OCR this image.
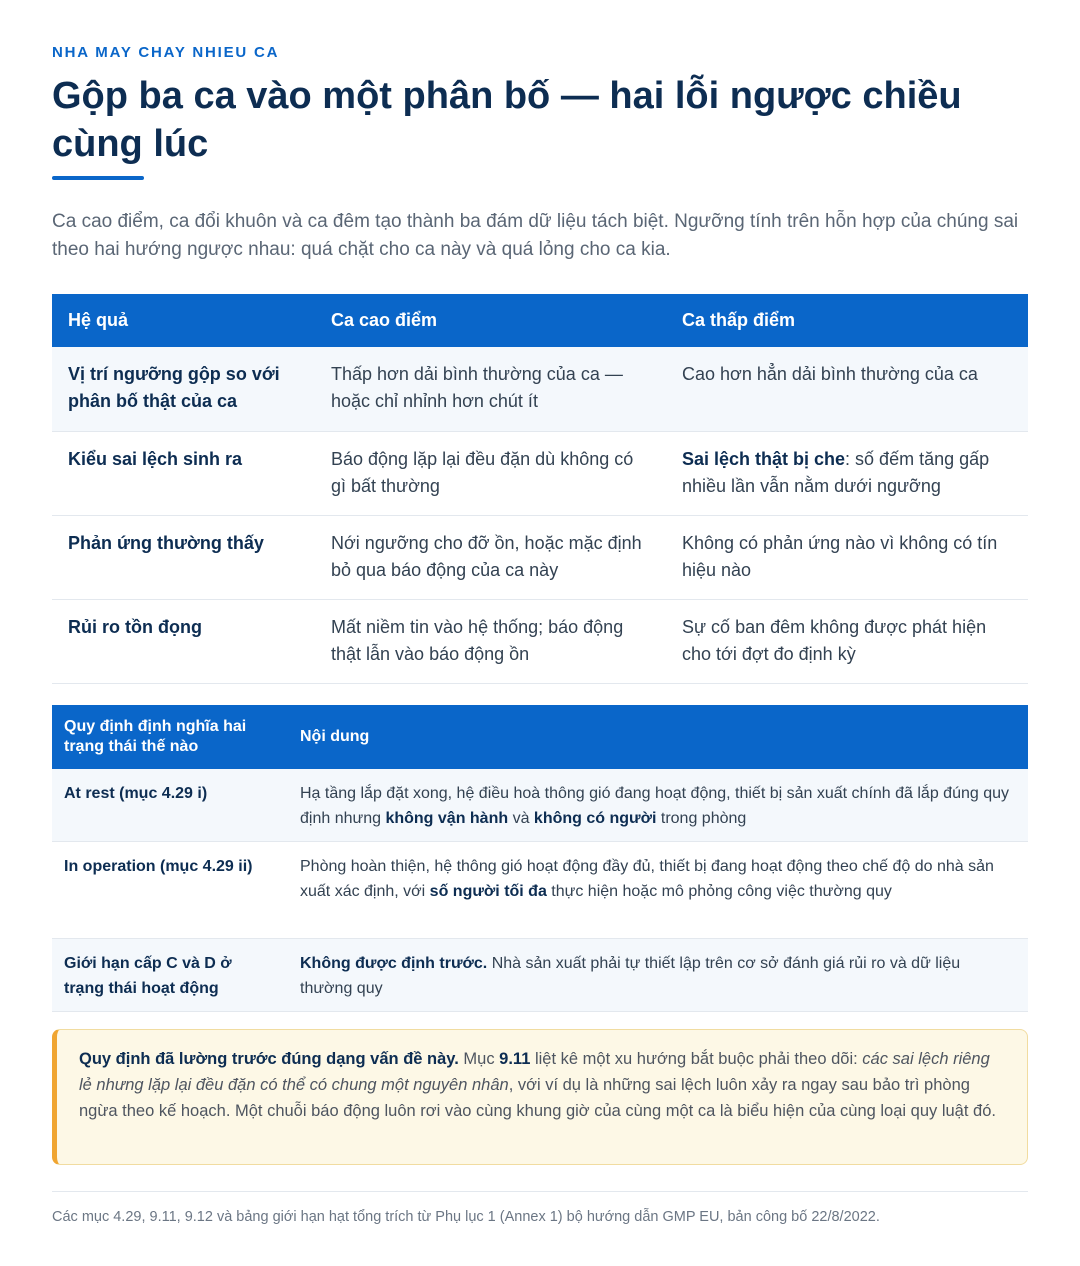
NHA MAY CHAY NHIEU CA
Gộp ba ca vào một phân bố — hai lỗi ngược chiều cùng lúc

Ca cao điểm, ca đổi khuôn và ca đêm tạo thành ba đám dữ liệu tách biệt. Ngưỡng tính trên hỗn hợp của chúng sai theo hai hướng ngược nhau: quá chặt cho ca này và quá lỏng cho ca kia.

Hệ quả	Ca cao điểm	Ca thấp điểm
Vị trí ngưỡng gộp so với phân bố thật của ca	Thấp hơn dải bình thường của ca — hoặc chỉ nhỉnh hơn chút ít	Cao hơn hẳn dải bình thường của ca
Kiểu sai lệch sinh ra	Báo động lặp lại đều đặn dù không có gì bất thường	Sai lệch thật bị che: số đếm tăng gấp nhiều lần vẫn nằm dưới ngưỡng
Phản ứng thường thấy	Nới ngưỡng cho đỡ ồn, hoặc mặc định bỏ qua báo động của ca này	Không có phản ứng nào vì không có tín hiệu nào
Rủi ro tồn đọng	Mất niềm tin vào hệ thống; báo động thật lẫn vào báo động ồn	Sự cố ban đêm không được phát hiện cho tới đợt đo định kỳ
Quy định định nghĩa hai trạng thái thế nào	Nội dung
At rest (mục 4.29 i)	Hạ tầng lắp đặt xong, hệ điều hoà thông gió đang hoạt động, thiết bị sản xuất chính đã lắp đúng quy định nhưng không vận hành và không có người trong phòng
In operation (mục 4.29 ii)	Phòng hoàn thiện, hệ thông gió hoạt động đầy đủ, thiết bị đang hoạt động theo chế độ do nhà sản xuất xác định, với số người tối đa thực hiện hoặc mô phỏng công việc thường quy
Giới hạn cấp C và D ở trạng thái hoạt động	Không được định trước. Nhà sản xuất phải tự thiết lập trên cơ sở đánh giá rủi ro và dữ liệu thường quy
Quy định đã lường trước đúng dạng vấn đề này. Mục 9.11 liệt kê một xu hướng bắt buộc phải theo dõi: các sai lệch riêng lẻ nhưng lặp lại đều đặn có thể có chung một nguyên nhân, với ví dụ là những sai lệch luôn xảy ra ngay sau bảo trì phòng ngừa theo kế hoạch. Một chuỗi báo động luôn rơi vào cùng khung giờ của cùng một ca là biểu hiện của cùng loại quy luật đó.

Các mục 4.29, 9.11, 9.12 và bảng giới hạn hạt tổng trích từ Phụ lục 1 (Annex 1) bộ hướng dẫn GMP EU, bản công bố 22/8/2022.
